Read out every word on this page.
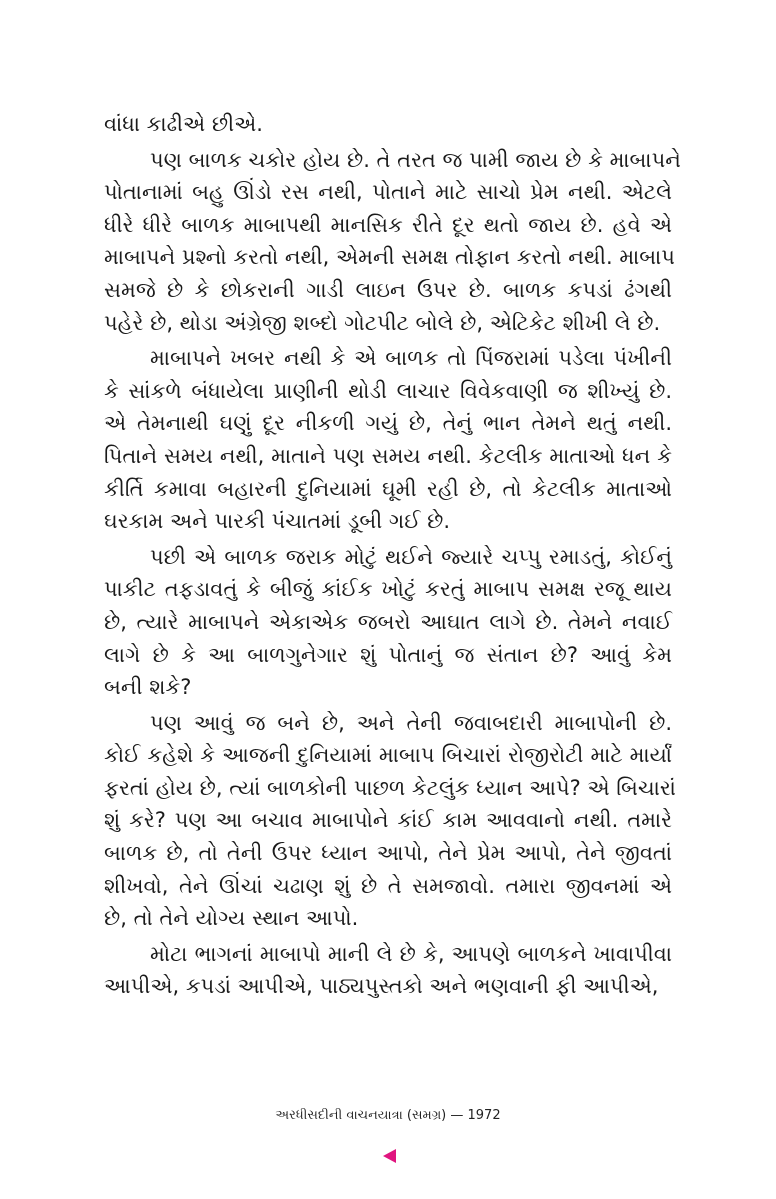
વાંધા કાઢીએ છીએ.
પણ બાળક ચકોર હોય છે. તે તરત જ પામી જાય છે કે માબાપને
પોતાનામાં બહુ ઊંડો રસ નથી, પોતાને માટે સાચો પ્રેમ નથી. એટલે
ધીરે ધીરે બાળક માબાપથી માનસિક રીતે દૂર થતો જાય છે. હવે એ
માબાપને પ્રશ્નો કરતો નથી, એમની સમક્ષ તોફાન કરતો નથી. માબાપ
સમજે છે કે છોકરાની ગાડી લાઇન ઉપર છે. બાળક કપડાં ઢંગથી
પહેરે છે, થોડા અંગ્રેજી શબ્દો ગોટપીટ બોલે છે, એટિકેટ શીખી લે છે.
માબાપને ખબર નથી કે એ બાળક તો પિંજરામાં પડેલા પંખીની
કે સાંકળે બંધાયેલા પ્રાણીની થોડી લાચાર વિવેકવાણી જ શીખ્યું છે.
એ તેમનાથી ઘણું દૂર નીકળી ગયું છે, તેનું ભાન તેમને થતું નથી.
પિતાને સમય નથી, માતાને પણ સમય નથી. કેટલીક માતાઓ ધન કે
કીર્તિ કમાવા બહારની દુનિયામાં ઘૂમી રહી છે, તો કેટલીક માતાઓ
ઘરકામ અને પારકી પંચાતમાં ડૂબી ગઈ છે.
પછી એ બાળક જરાક મોટું થઈને જ્યારે ચપ્પુ રમાડતું, કોઈનું
પાકીટ તફડાવતું કે બીજું કાંઈક ખોટું કરતું માબાપ સમક્ષ રજૂ થાય
છે, ત્યારે માબાપને એકાએક જબરો આઘાત લાગે છે. તેમને નવાઈ
લાગે છે કે આ બાળગુનેગાર શું પોતાનું જ સંતાન છે? આવું કેમ
બની શકે?
પણ આવું જ બને છે, અને તેની જવાબદારી માબાપોની છે.
કોઈ કહેશે કે આજની દુનિયામાં માબાપ બિચારાં રોજીરોટી માટે માર્યાં
ફરતાં હોય છે, ત્યાં બાળકોની પાછળ કેટલુંક ધ્યાન આપે? એ બિચારાં
શું કરે? પણ આ બચાવ માબાપોને કાંઈ કામ આવવાનો નથી. તમારે
બાળક છે, તો તેની ઉપર ધ્યાન આપો, તેને પ્રેમ આપો, તેને જીવતાં
શીખવો, તેને ઊંચાં ચઢાણ શું છે તે સમજાવો. તમારા જીવનમાં એ
છે, તો તેને યોગ્ય સ્થાન આપો.
મોટા ભાગનાં માબાપો માની લે છે કે, આપણે બાળકને ખાવાપીવા
આપીએ, કપડાં આપીએ, પાઠ્યપુસ્તકો અને ભણવાની ફી આપીએ,
અરધીસદીની વાચનયાત્રા (સમગ્ર) — 1972
